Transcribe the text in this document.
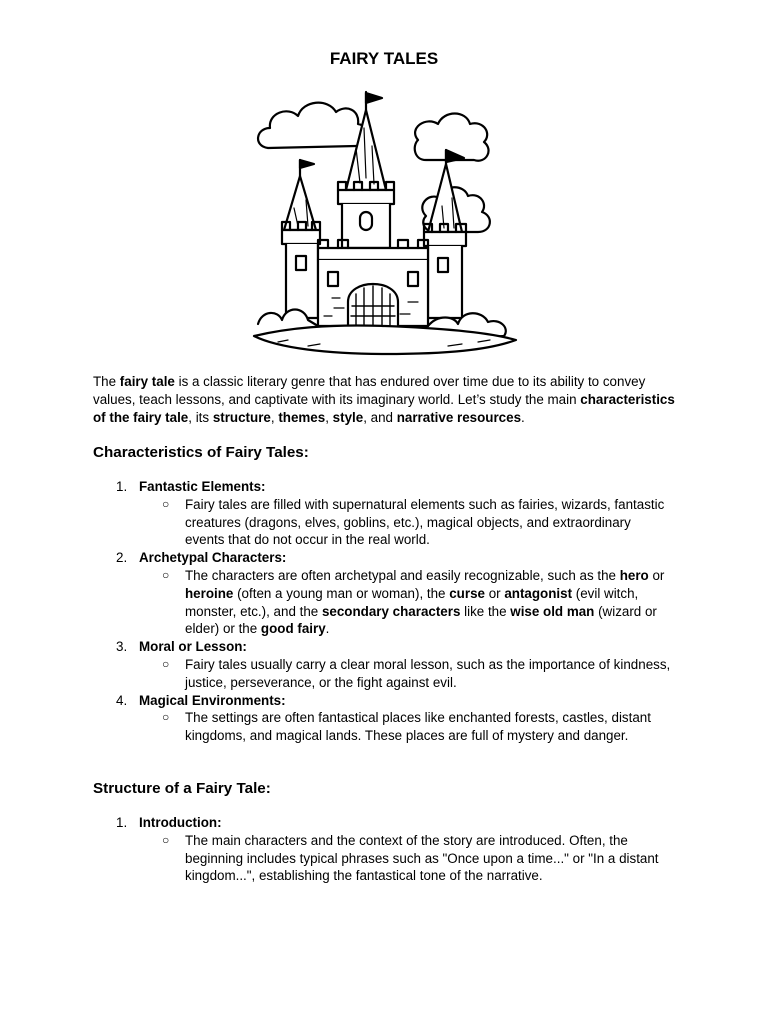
FAIRY TALES

The fairy tale is a classic literary genre that has endured over time due to its ability to convey values, teach lessons, and captivate with its imaginary world. Let’s study the main characteristics of the fairy tale, its structure, themes, style, and narrative resources.

Characteristics of Fairy Tales:
1. Fantastic Elements:
○ Fairy tales are filled with supernatural elements such as fairies, wizards, fantastic creatures (dragons, elves, goblins, etc.), magical objects, and extraordinary events that do not occur in the real world.
2. Archetypal Characters:
○ The characters are often archetypal and easily recognizable, such as the hero or heroine (often a young man or woman), the curse or antagonist (evil witch, monster, etc.), and the secondary characters like the wise old man (wizard or elder) or the good fairy.
3. Moral or Lesson:
○ Fairy tales usually carry a clear moral lesson, such as the importance of kindness, justice, perseverance, or the fight against evil.
4. Magical Environments:
○ The settings are often fantastical places like enchanted forests, castles, distant kingdoms, and magical lands. These places are full of mystery and danger.
Structure of a Fairy Tale:
1. Introduction:
○ The main characters and the context of the story are introduced. Often, the beginning includes typical phrases such as "Once upon a time..." or "In a distant kingdom...", establishing the fantastical tone of the narrative.
